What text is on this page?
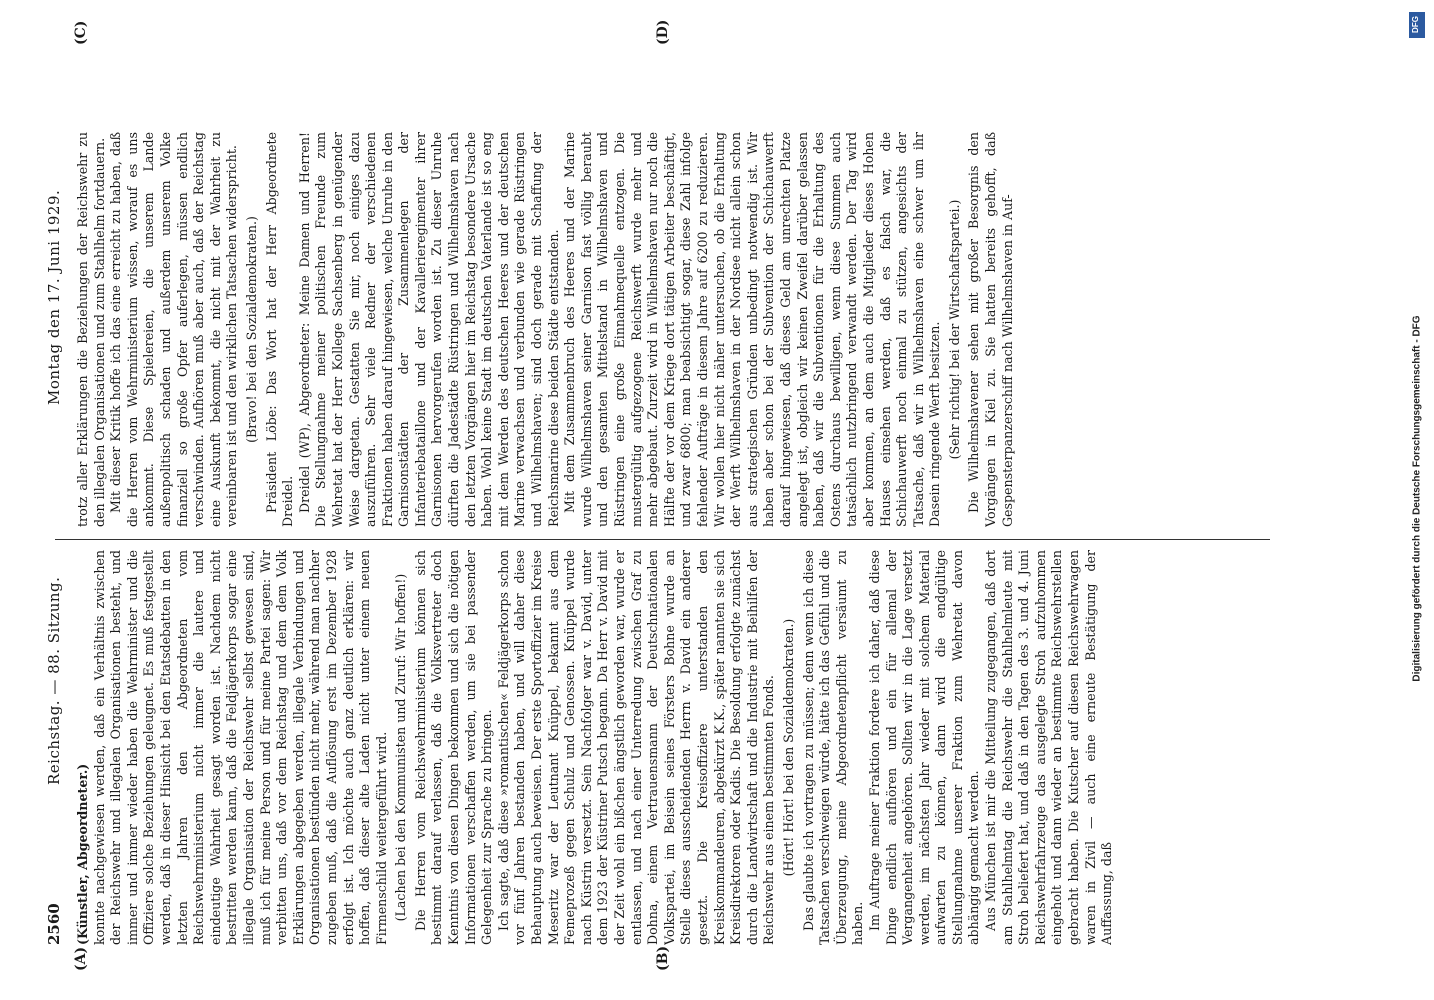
2560
Reichstag. — 88. Sitzung.
Montag den 17. Juni 1929.
(A)	(B)
(C)	(D)

(Künstler, Abgeordneter.) konnte nachgewiesen werden, daß ein Verhältnis zwischen der Reichswehr und illegalen Organisationen besteht, und immer und immer wieder haben die Wehrminister und die Offiziere solche Beziehungen geleugnet. Es muß festgestellt werden, daß in dieser Hinsicht bei den Etatsdebatten in den letzten Jahren den Abgeordneten vom Reichswehrministerium nicht immer die lautere und eindeutige Wahrheit gesagt worden ist. Nachdem nicht bestritten werden kann, daß die Feldjägerkorps sogar eine illegale Organisation der Reichswehr selbst gewesen sind, muß ich für meine Person und für meine Partei sagen: Wir verbitten uns, daß vor dem Reichstag und dem dem Volk Erklärungen abgegeben werden, illegale Verbindungen und Organisationen bestünden nicht mehr, während man nachher zugeben muß, daß die Auflösung erst im Dezember 1928 erfolgt ist. Ich möchte auch ganz deutlich erklären: wir hoffen, daß dieser alte Laden nicht unter einem neuen Firmenschild weitergeführt wird. (Lachen bei den Kommunisten und Zuruf: Wir hoffen!) Die Herren vom Reichswehrministerium können sich bestimmt darauf verlassen, daß die Volksvertreter doch Kenntnis von diesen Dingen bekommen und sich die nötigen Informationen verschaffen werden, um sie bei passender Gelegenheit zur Sprache zu bringen. Ich sagte, daß diese »romantischen« Feldjägerkorps schon vor fünf Jahren bestanden haben, und will daher diese Behauptung auch beweisen. Der erste Sportoffizier im Kreise Meseritz war der Leutnant Knüppel, bekannt aus dem Femeprozeß gegen Schulz und Genossen. Knüppel wurde nach Küstrin versetzt. Sein Nachfolger war v. David, unter dem 1923 der Küstriner Putsch begann. Da Herr v. David mit der Zeit wohl ein bißchen ängstlich geworden war, wurde er entlassen, und nach einer Unterredung zwischen Graf zu Dohna, einem Vertrauensmann der Deutschnationalen Volkspartei, im Beisein seines Försters Bohne wurde an Stelle dieses ausscheidenden Herrn v. David ein anderer gesetzt. Die Kreisoffiziere unterstanden den Kreiskommandeuren, abgekürzt K.K., später nannten sie sich Kreisdirektoren oder Kadis. Die Besoldung erfolgte zunächst durch die Landwirtschaft und die Industrie mit Beihilfen der Reichswehr aus einem bestimmten Fonds. (Hört! Hört! bei den Sozialdemokraten.) Das glaubte ich vortragen zu müssen; denn wenn ich diese Tatsachen verschweigen würde, hätte ich das Gefühl und die Überzeugung, meine Abgeordnetenpflicht versäumt zu haben. Im Auftrage meiner Fraktion fordere ich daher, daß diese Dinge endlich aufhören und ein für allemal der Vergangenheit angehören. Sollten wir in die Lage versetzt werden, im nächsten Jahr wieder mit solchem Material aufwarten zu können, dann wird die endgültige Stellungnahme unserer Fraktion zum Wehretat davon abhängig gemacht werden. Aus München ist mir die Mitteilung zugegangen, daß dort am Stahlhelmtag die Reichswehr die Stahlhelmleute mit Stroh beliefert hat, und daß in den Tagen des 3. und 4. Juni Reichswehrfahrzeuge das ausgelegte Stroh aufzuhommen eingeholt und dann wieder an bestimmte Reichswehrstellen gebracht haben. Die Kutscher auf diesen Reichswehrwagen waren in Zivil — auch eine erneute Bestätigung der Auffassung, daß

trotz aller Erklärungen die Beziehungen der Reichswehr zu den illegalen Organisationen und zum Stahlhelm fortdauern. Mit dieser Kritik hoffe ich das eine erreicht zu haben, daß die Herren vom Wehrministerium wissen, worauf es uns ankommt. Diese Spielereien, die unserem Lande außenpolitisch schaden und außerdem unserem Volke finanziell so große Opfer auferlegen, müssen endlich verschwinden. Aufhören muß aber auch, daß der Reichstag eine Auskunft bekommt, die nicht mit der Wahrheit zu vereinbaren ist und den wirklichen Tatsachen widerspricht. (Bravo! bei den Sozialdemokraten.) Präsident Löbe: Das Wort hat der Herr Abgeordnete Dreidel. Dreidel (WP), Abgeordneter: Meine Damen und Herren! Die Stellungnahme meiner politischen Freunde zum Wehretat hat der Herr Kollege Sachsenberg in genügender Weise dargetan. Gestatten Sie mir, noch einiges dazu auszuführen. Sehr viele Redner der verschiedenen Fraktionen haben darauf hingewiesen, welche Unruhe in den Garnisonstädten der Zusammenlegen der Infanteriebataillone und der Kavallerieregimenter ihrer Garnisonen hervorgerufen worden ist. Zu dieser Unruhe dürften die Jadestädte Rüstringen und Wilhelmshaven nach den letzten Vorgängen hier im Reichstag besondere Ursache haben. Wohl keine Stadt im deutschen Vaterlande ist so eng mit dem Werden des deutschen Heeres und der deutschen Marine verwachsen und verbunden wie gerade Rüstringen und Wilhelmshaven; sind doch gerade mit Schaffung der Reichsmarine diese beiden Städte entstanden. Mit dem Zusammenbruch des Heeres und der Marine wurde Wilhelmshaven seiner Garnison fast völlig beraubt und den gesamten Mittelstand in Wilhelmshaven und Rüstringen eine große Einnahmequelle entzogen. Die mustergültig aufgezogene Reichswerft wurde mehr und mehr abgebaut. Zurzeit wird in Wilhelmshaven nur noch die Hälfte der vor dem Kriege dort tätigen Arbeiter beschäftigt, und zwar 6800; man beabsichtigt sogar, diese Zahl infolge fehlender Aufträge in diesem Jahre auf 6200 zu reduzieren. Wir wollen hier nicht näher untersuchen, ob die Erhaltung der Werft Wilhelmshaven in der Nordsee nicht allein schon aus strategischen Gründen unbedingt notwendig ist. Wir haben aber schon bei der Subvention der Schichauwerft darauf hingewiesen, daß dieses Geld am unrechten Platze angelegt ist, obgleich wir keinen Zweifel darüber gelassen haben, daß wir die Subventionen für die Erhaltung des Ostens durchaus bewilligen, wenn diese Summen auch tatsächlich nutzbringend verwandt werden. Der Tag wird aber kommen, an dem auch die Mitglieder dieses Hohen Hauses einsehen werden, daß es falsch war, die Schichauwerft noch einmal zu stützen, angesichts der Tatsache, daß wir in Wilhelmshaven eine schwer um ihr Dasein ringende Werft besitzen. (Sehr richtig! bei der Wirtschaftspartei.) Die Wilhelmshavener sehen mit großer Besorgnis den Vorgängen in Kiel zu. Sie hatten bereits gehofft, daß Gespensterpanzerschiff nach Wilhelmshaven in Auf-

DFG
Digitalisierung gefördert durch die Deutsche Forschungsgemeinschaft - DFG
